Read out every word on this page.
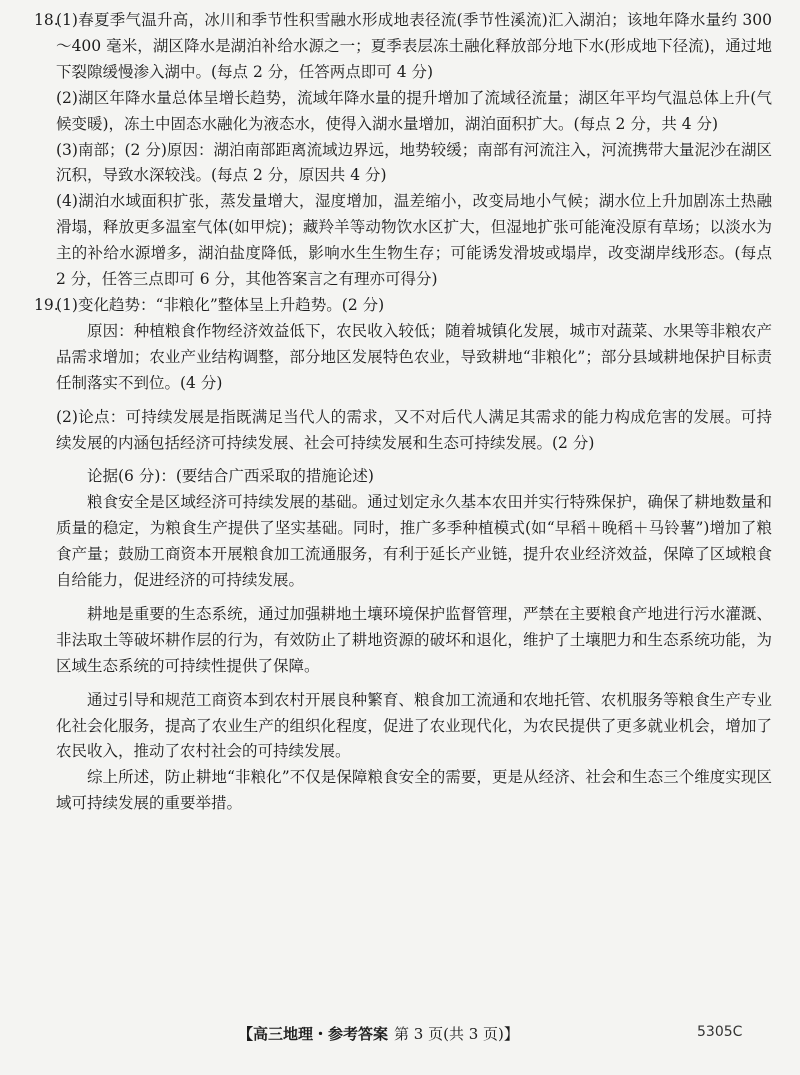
18.
(1)春夏季气温升高，冰川和季节性积雪融水形成地表径流(季节性溪流)汇入湖泊；该地年降水量约 300～400 毫米，湖区降水是湖泊补给水源之一；夏季表层冻土融化释放部分地下水(形成地下径流)，通过地下裂隙缓慢渗入湖中。(每点 2 分，任答两点即可 4 分)
(2)湖区年降水量总体呈增长趋势，流域年降水量的提升增加了流域径流量；湖区年平均气温总体上升(气候变暖)，冻土中固态水融化为液态水，使得入湖水量增加，湖泊面积扩大。(每点 2 分，共 4 分)
(3)南部；(2 分)原因：湖泊南部距离流域边界远，地势较缓；南部有河流注入，河流携带大量泥沙在湖区沉积，导致水深较浅。(每点 2 分，原因共 4 分)
(4)湖泊水域面积扩张，蒸发量增大，湿度增加，温差缩小，改变局地小气候；湖水位上升加剧冻土热融滑塌，释放更多温室气体(如甲烷)；藏羚羊等动物饮水区扩大，但湿地扩张可能淹没原有草场；以淡水为主的补给水源增多，湖泊盐度降低，影响水生生物生存；可能诱发滑坡或塌岸，改变湖岸线形态。(每点 2 分，任答三点即可 6 分，其他答案言之有理亦可得分)
19.
(1)变化趋势：“非粮化”整体呈上升趋势。(2 分)
原因：种植粮食作物经济效益低下，农民收入较低；随着城镇化发展，城市对蔬菜、水果等非粮农产品需求增加；农业产业结构调整，部分地区发展特色农业，导致耕地“非粮化”；部分县域耕地保护目标责任制落实不到位。(4 分)
(2)论点：可持续发展是指既满足当代人的需求，又不对后代人满足其需求的能力构成危害的发展。可持续发展的内涵包括经济可持续发展、社会可持续发展和生态可持续发展。(2 分)
论据(6 分)：(要结合广西采取的措施论述)
粮食安全是区域经济可持续发展的基础。通过划定永久基本农田并实行特殊保护，确保了耕地数量和质量的稳定，为粮食生产提供了坚实基础。同时，推广多季种植模式(如“早稻＋晚稻＋马铃薯”)增加了粮食产量；鼓励工商资本开展粮食加工流通服务，有利于延长产业链，提升农业经济效益，保障了区域粮食自给能力，促进经济的可持续发展。
耕地是重要的生态系统，通过加强耕地土壤环境保护监督管理，严禁在主要粮食产地进行污水灌溉、非法取土等破坏耕作层的行为，有效防止了耕地资源的破坏和退化，维护了土壤肥力和生态系统功能，为区域生态系统的可持续性提供了保障。
通过引导和规范工商资本到农村开展良种繁育、粮食加工流通和农地托管、农机服务等粮食生产专业化社会化服务，提高了农业生产的组织化程度，促进了农业现代化，为农民提供了更多就业机会，增加了农民收入，推动了农村社会的可持续发展。
综上所述，防止耕地“非粮化”不仅是保障粮食安全的需要，更是从经济、社会和生态三个维度实现区域可持续发展的重要举措。
【高三地理・参考答案 第 3 页(共 3 页)】	5305C
